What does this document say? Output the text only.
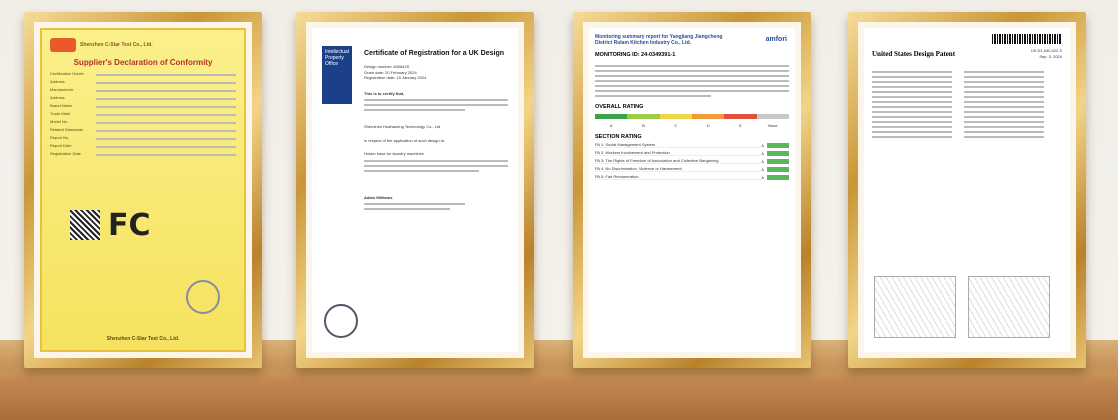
Shenzhen C-Star Test Co., Ltd.
Supplier's Declaration of Conformity
Certification Holder
Address
Manufacturer
Address
Brand Name
Trade Mark
Model No.
Related Standards
Report No.
Report Date
Registration Date
FC
Shenzhen C-Star Test Co., Ltd.
Intellectual Property Office
Certificate of Registration for a UK Design
Design number: 6008425
Grant date: 20 February 2024
Registration date: 15 January 2024
This is to certify that,
Shenzhen Huahaneng Technology Co., Ltd
in respect of the application of such design to:
Holder base for laundry machines
Adam Williams
Monitoring summary report for Yangjiang Jiangcheng District Rulam Kitchen Industry Co., Ltd.	amfori
MONITORING ID: 24-0349391-1
OVERALL RATING
A	B	C	D	E	None
SECTION RATING
PA 1: Social Management System	A
PA 2: Workers Involvement and Protection	A
PA 3: The Rights of Freedom of Association and Collective Bargaining	A
PA 4: No Discrimination, Violence or Harassment	A
PA 5: Fair Remuneration	A
United States Design Patent	US D1,040,422 S
Sep. 3, 2024
